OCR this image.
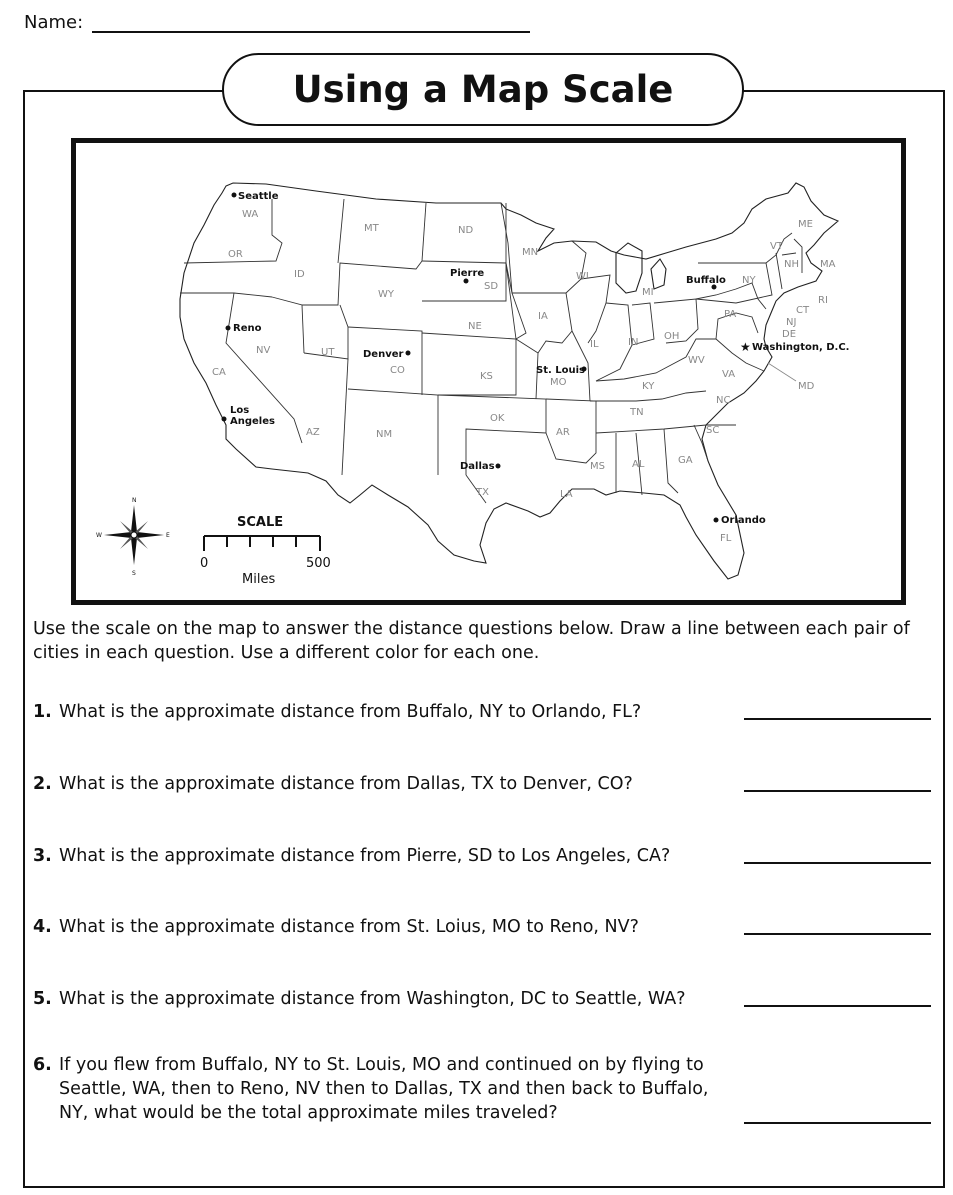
Name:
Using a Map Scale
WA
OR
CA
ID
NV
MT
WY
UT
AZ
CO
NM
ND
SD
NE
KS
OK
TX
MN
IA
MO
AR
LA
WI
IL
MI
IN
OH
KY
TN
MS	AL	GA
FL
SC
NC
VA
WV
PA
NY
VT
NH
ME
MA
RI
CT
NJ
DE
MD
Seattle
Reno
Los Angeles
Denver
Pierre
St. Louis
Dallas
Buffalo
★ Washington, D.C.
Orlando
N
S
E
W
SCALE
0	500
Miles
Use the scale on the map to answer the distance questions below. Draw a line between each pair of cities in each question. Use a different color for each one.
1. What is the approximate distance from Buffalo, NY to Orlando, FL?
2. What is the approximate distance from Dallas, TX to Denver, CO?
3. What is the approximate distance from Pierre, SD to Los Angeles, CA?
4. What is the approximate distance from St. Loius, MO to Reno, NV?
5. What is the approximate distance from Washington, DC to Seattle, WA?
6. If you flew from Buffalo, NY to St. Louis, MO and continued on by flying to Seattle, WA, then to Reno, NV then to Dallas, TX and then back to Buffalo, NY, what would be the total approximate miles traveled?
